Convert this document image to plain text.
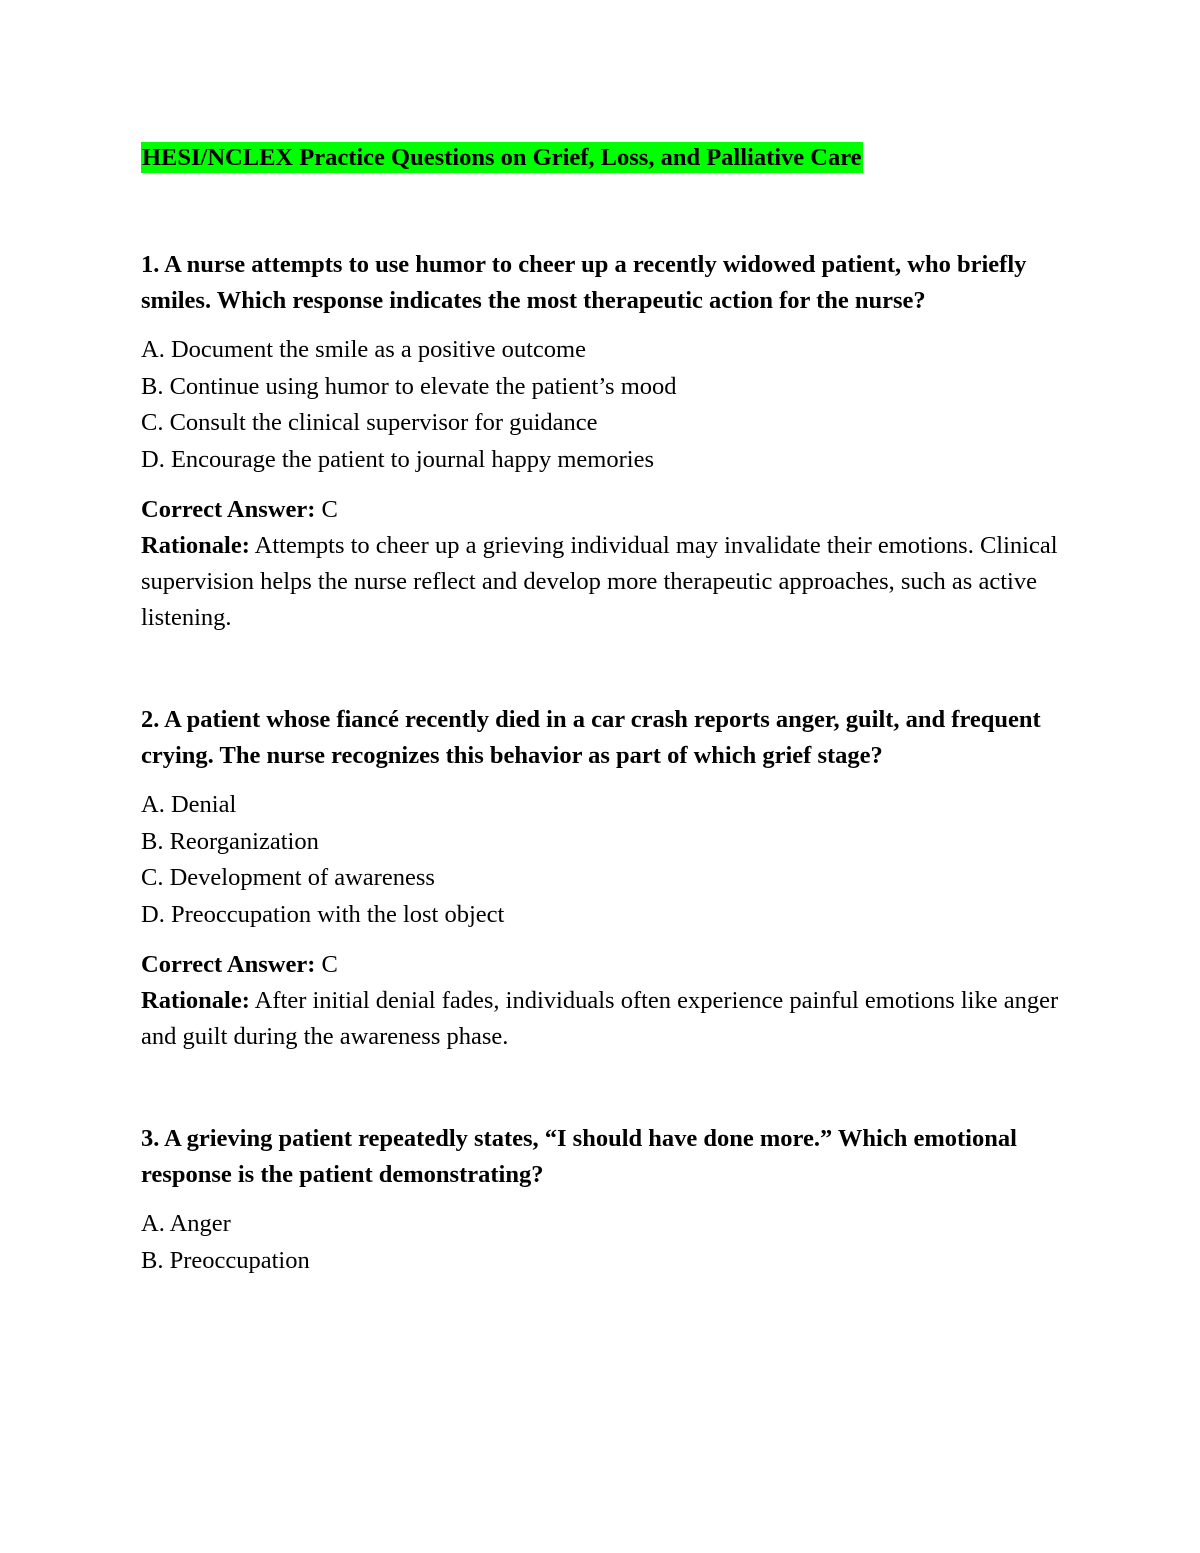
HESI/NCLEX Practice Questions on Grief, Loss, and Palliative Care

1. A nurse attempts to use humor to cheer up a recently widowed patient, who briefly smiles. Which response indicates the most therapeutic action for the nurse?

A. Document the smile as a positive outcome
B. Continue using humor to elevate the patient’s mood
C. Consult the clinical supervisor for guidance
D. Encourage the patient to journal happy memories

Correct Answer: C

Rationale: Attempts to cheer up a grieving individual may invalidate their emotions. Clinical supervision helps the nurse reflect and develop more therapeutic approaches, such as active listening.

2. A patient whose fiancé recently died in a car crash reports anger, guilt, and frequent crying. The nurse recognizes this behavior as part of which grief stage?

A. Denial
B. Reorganization
C. Development of awareness
D. Preoccupation with the lost object

Correct Answer: C

Rationale: After initial denial fades, individuals often experience painful emotions like anger and guilt during the awareness phase.

3. A grieving patient repeatedly states, “I should have done more.” Which emotional response is the patient demonstrating?

A. Anger
B. Preoccupation
